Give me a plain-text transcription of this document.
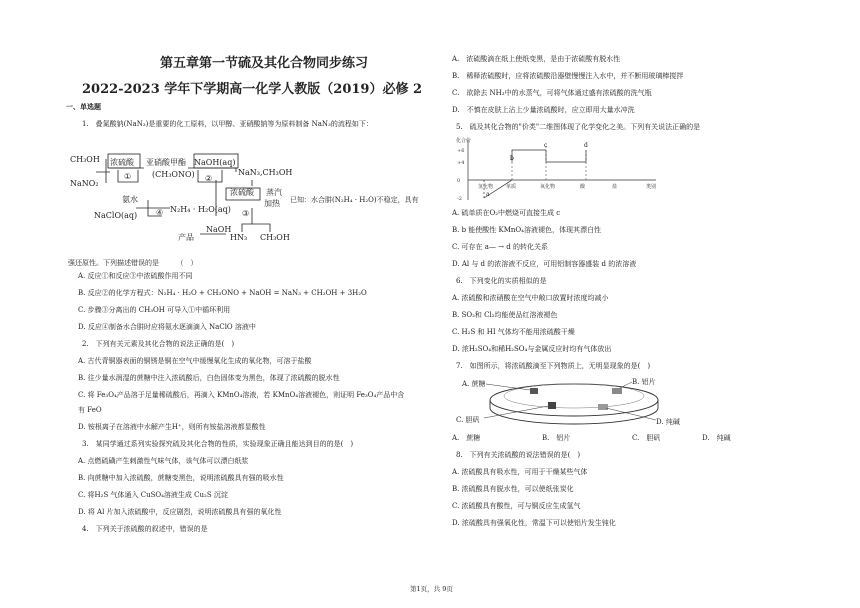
第五章第一节硫及其化合物同步练习
2022-2023 学年下学期高一化学人教版（2019）必修 2
一、单选题
1.　叠氮酸钠(NaN₃)是重要的化工原料，以甲醇、亚硝酸钠等为原料制备 NaN₃的流程如下：
已知：水合肼(N₂H₄ · H₂O)不稳定，具有
强还原性。下列描述错误的是　　　（　）
A. 反应①和反应③中浓硫酸作用不同
B. 反应②的化学方程式：N₂H₄ · H₂O + CH₃ONO + NaOH = NaN₃ + CH₃OH + 3H₂O
C. 步骤③分离出的 CH₃OH 可导入①中循环利用
D. 反应④制备水合肼时应将氨水逐滴滴入 NaClO 溶液中
2.　下列有关元素及其化合物的说法正确的是(　)
A. 古代青铜器表面的铜锈是铜在空气中缓慢氧化生成的氧化物，可溶于盐酸
B. 往少量水润湿的蔗糖中注入浓硫酸后，白色固体变为黑色，体现了浓硫酸的脱水性
C. 将 Fe₃O₄产品溶于足量稀硫酸后，再滴入 KMnO₄溶液，若 KMnO₄溶液褪色，则证明 Fe₃O₄产品中含
有 FeO
D. 铵根离子在溶液中水解产生H⁺，则所有铵盐溶液都显酸性
3.　某同学通过系列实验探究硫及其化合物的性质，实验现象正确且能达到目的的是(　)
A. 点燃硫磺产生刺激性气味气体，该气体可以漂白纸浆
B. 向蔗糖中加入浓硫酸，蔗糖变黑色，说明浓硫酸具有强的吸水性
C. 将H₂S 气体通入 CuSO₄溶液生成 Cu₂S 沉淀
D. 将 Al 片加入浓硫酸中，反应剧烈，说明浓硫酸具有强的氧化性
4.　下列关于浓硫酸的叙述中，错误的是
A.　浓硫酸滴在纸上使纸变黑，是由于浓硫酸有脱水性
B.　稀释浓硫酸时，应将浓硫酸沿器壁慢慢注入水中，并不断用玻璃棒搅拌
C.　欲除去 NH₃中的水蒸气，可将气体通过盛有浓硫酸的洗气瓶
D.　不慎在皮肤上沾上少量浓硫酸时，应立即用大量水冲洗
5.　硫及其化合物的"价类"二维图体现了化学变化之美。下列有关说法正确的是
A. 硫单质在O₂中燃烧可直接生成 c
B. b 能使酸性 KMnO₄溶液褪色，体现其漂白性
C. 可存在 a— → d 的转化关系
D. Al 与 d 的浓溶液不反应，可用铝制容器盛装 d 的浓溶液
6.　下列变化的实质相似的是
A. 浓硫酸和浓硝酸在空气中敞口放置时浓度均减小
B. SO₂和 Cl₂均能使品红溶液褪色
C. H₂S 和 HI 气体均不能用浓硫酸干燥
D. 浓H₂SO₄和稀H₂SO₄与金属反应时均有气体放出
7.　如图所示，将浓硫酸滴至下列物质上，无明显现象的是(　)
8.　下列有关浓硫酸的说法错误的是(　)
A. 浓硫酸具有吸水性，可用于干燥某些气体
B. 浓硫酸具有脱水性，可以使纸张炭化
C. 浓硫酸具有酸性，可与铜反应生成氢气
D. 浓硫酸具有强氧化性，常温下可以使铝片发生钝化
CH₃OH
NaNO₂
浓硫酸 亚硝酸甲酯
(CH₃ONO)
①
NaOH(aq)
②
NaN₃,CH₃OH
氨水
NaClO(aq) ④ N₂H₄ · H₂O(aq)
浓硫酸 蒸汽
加热
③
产品
NaOH
HN₃ CH₃OH
化合价
+6
+4
0
-2
氢化物	单质	氧化物	酸	盐	类别
a
b
c	d
A. 蔗糖	B. 铝片
C. 胆矾	D. 纯碱
A.　蔗糖	B.　铝片	C.　胆矾	D.　纯碱
第1页，共 9页
